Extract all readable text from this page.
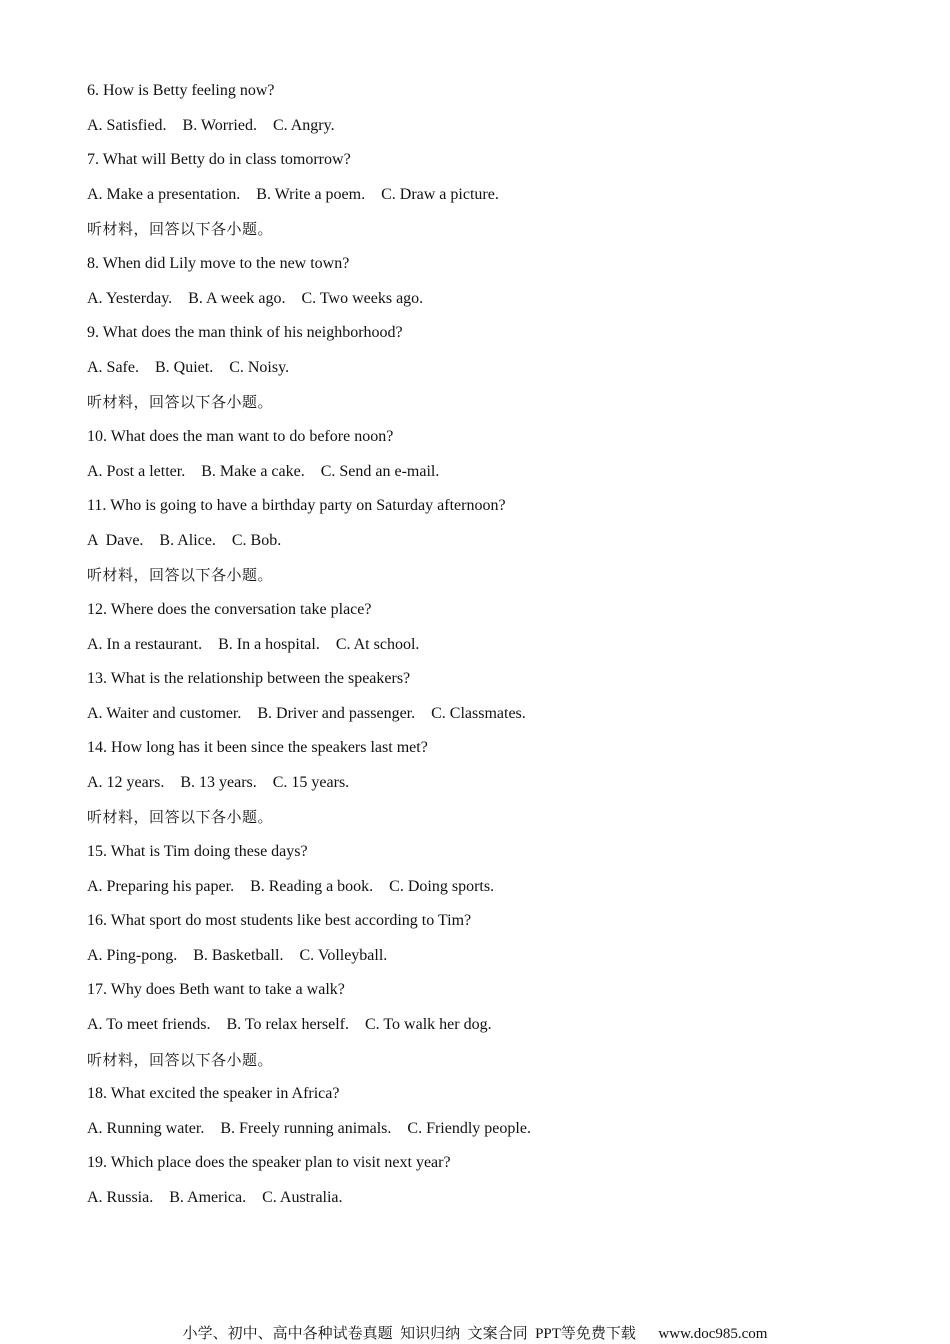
6. How is Betty feeling now?
A. Satisfied.    B. Worried.    C. Angry.
7. What will Betty do in class tomorrow?
A. Make a presentation.    B. Write a poem.    C. Draw a picture.
听材料，回答以下各小题。
8. When did Lily move to the new town?
A. Yesterday.    B. A week ago.    C. Two weeks ago.
9. What does the man think of his neighborhood?
A. Safe.    B. Quiet.    C. Noisy.
听材料，回答以下各小题。
10. What does the man want to do before noon?
A. Post a letter.    B. Make a cake.    C. Send an e-mail.
11. Who is going to have a birthday party on Saturday afternoon?
A  Dave.    B. Alice.    C. Bob.
听材料，回答以下各小题。
12. Where does the conversation take place?
A. In a restaurant.    B. In a hospital.    C. At school.
13. What is the relationship between the speakers?
A. Waiter and customer.    B. Driver and passenger.    C. Classmates.
14. How long has it been since the speakers last met?
A. 12 years.    B. 13 years.    C. 15 years.
听材料，回答以下各小题。
15. What is Tim doing these days?
A. Preparing his paper.    B. Reading a book.    C. Doing sports.
16. What sport do most students like best according to Tim?
A. Ping-pong.    B. Basketball.    C. Volleyball.
17. Why does Beth want to take a walk?
A. To meet friends.    B. To relax herself.    C. To walk her dog.
听材料，回答以下各小题。
18. What excited the speaker in Africa?
A. Running water.    B. Freely running animals.    C. Friendly people.
19. Which place does the speaker plan to visit next year?
A. Russia.    B. America.    C. Australia.
小学、初中、高中各种试卷真题  知识归纳  文案合同  PPT等免费下载 www.doc985.com
